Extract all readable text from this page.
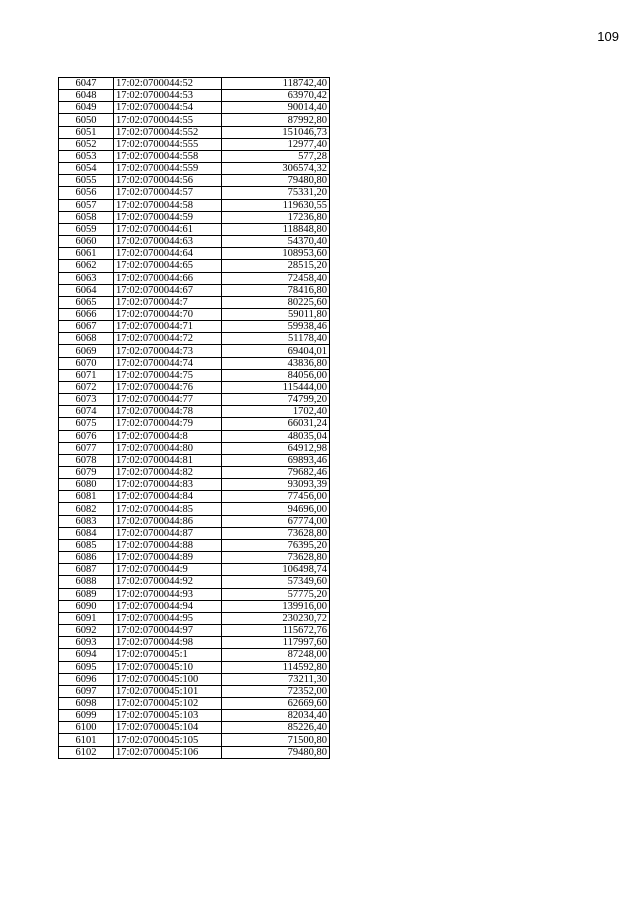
109
6047	17:02:0700044:52	118742,40
6048	17:02:0700044:53	63970,42
6049	17:02:0700044:54	90014,40
6050	17:02:0700044:55	87992,80
6051	17:02:0700044:552	151046,73
6052	17:02:0700044:555	12977,40
6053	17:02:0700044:558	577,28
6054	17:02:0700044:559	306574,32
6055	17:02:0700044:56	79480,80
6056	17:02:0700044:57	75331,20
6057	17:02:0700044:58	119630,55
6058	17:02:0700044:59	17236,80
6059	17:02:0700044:61	118848,80
6060	17:02:0700044:63	54370,40
6061	17:02:0700044:64	108953,60
6062	17:02:0700044:65	28515,20
6063	17:02:0700044:66	72458,40
6064	17:02:0700044:67	78416,80
6065	17:02:0700044:7	80225,60
6066	17:02:0700044:70	59011,80
6067	17:02:0700044:71	59938,46
6068	17:02:0700044:72	51178,40
6069	17:02:0700044:73	69404,01
6070	17:02:0700044:74	43836,80
6071	17:02:0700044:75	84056,00
6072	17:02:0700044:76	115444,00
6073	17:02:0700044:77	74799,20
6074	17:02:0700044:78	1702,40
6075	17:02:0700044:79	66031,24
6076	17:02:0700044:8	48035,04
6077	17:02:0700044:80	64912,98
6078	17:02:0700044:81	69893,46
6079	17:02:0700044:82	79682,46
6080	17:02:0700044:83	93093,39
6081	17:02:0700044:84	77456,00
6082	17:02:0700044:85	94696,00
6083	17:02:0700044:86	67774,00
6084	17:02:0700044:87	73628,80
6085	17:02:0700044:88	76395,20
6086	17:02:0700044:89	73628,80
6087	17:02:0700044:9	106498,74
6088	17:02:0700044:92	57349,60
6089	17:02:0700044:93	57775,20
6090	17:02:0700044:94	139916,00
6091	17:02:0700044:95	230230,72
6092	17:02:0700044:97	115672,76
6093	17:02:0700044:98	117997,60
6094	17:02:0700045:1	87248,00
6095	17:02:0700045:10	114592,80
6096	17:02:0700045:100	73211,30
6097	17:02:0700045:101	72352,00
6098	17:02:0700045:102	62669,60
6099	17:02:0700045:103	82034,40
6100	17:02:0700045:104	85226,40
6101	17:02:0700045:105	71500,80
6102	17:02:0700045:106	79480,80
